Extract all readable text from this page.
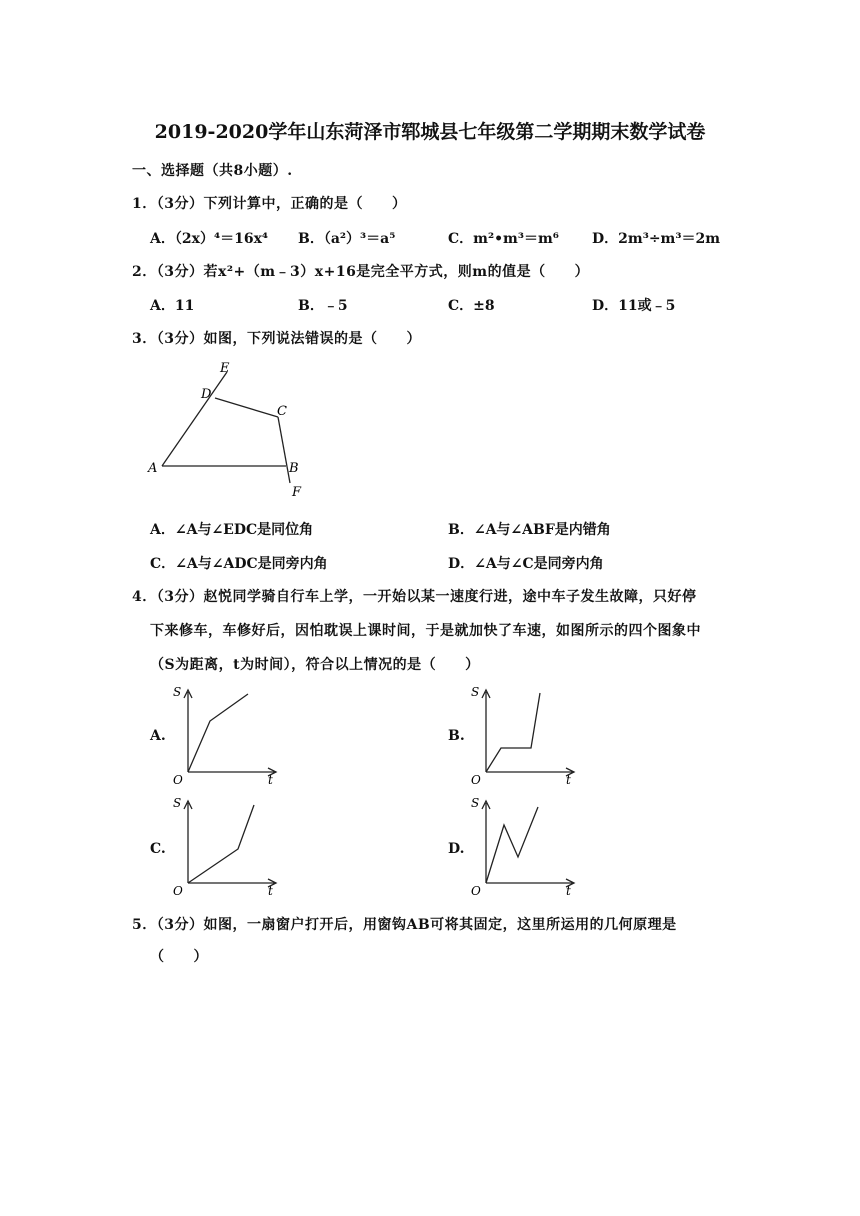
2019-2020学年山东菏泽市郓城县七年级第二学期期末数学试卷
一、选择题（共8小题）.
1．（3分）下列计算中，正确的是（　　）
A．（2x）⁴＝16x⁴ B．（a²）³＝a⁵	C．m²•m³＝m⁶ D．2m³÷m³＝2m
2．（3分）若x²+（m﹣3）x+16是完全平方式，则m的值是（　　）
A．11	B．﹣5	C．±8	D．11或﹣5
3．（3分）如图，下列说法错误的是（　　）
E
D
C
A	B
F
A．∠A与∠EDC是同位角	B．∠A与∠ABF是内错角
C．∠A与∠ADC是同旁内角	D．∠A与∠C是同旁内角
4．（3分）赵悦同学骑自行车上学，一开始以某一速度行进，途中车子发生故障，只好停
下来修车，车修好后，因怕耽误上课时间，于是就加快了车速，如图所示的四个图象中
（S为距离，t为时间），符合以上情况的是（　　）
A.	B.
C.	D.
S
O	t
S
O	t
S
O	t
S
O	t
5．（3分）如图，一扇窗户打开后，用窗钩AB可将其固定，这里所运用的几何原理是
（　　）
